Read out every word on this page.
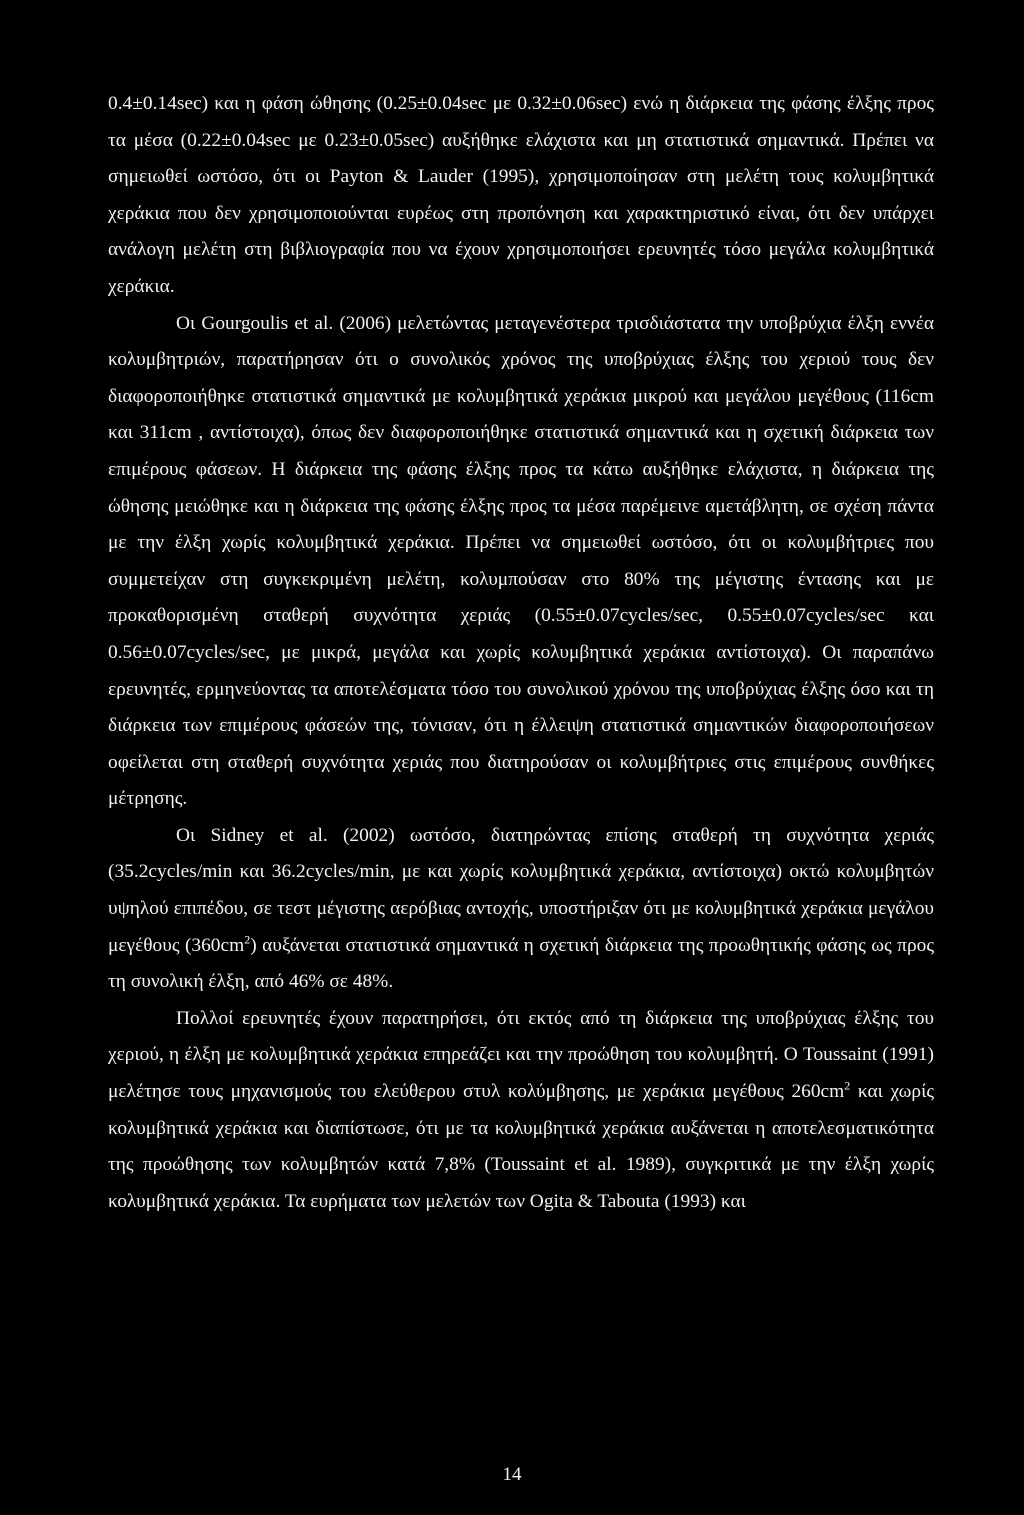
0.4±0.14sec) και η φάση ώθησης (0.25±0.04sec με 0.32±0.06sec) ενώ η διάρκεια της φάσης έλξης προς τα μέσα (0.22±0.04sec με 0.23±0.05sec) αυξήθηκε ελάχιστα και μη στατιστικά σημαντικά. Πρέπει να σημειωθεί ωστόσο, ότι οι Payton & Lauder (1995), χρησιμοποίησαν στη μελέτη τους κολυμβητικά χεράκια που δεν χρησιμοποιούνται ευρέως στη προπόνηση και χαρακτηριστικό είναι, ότι δεν υπάρχει ανάλογη μελέτη στη βιβλιογραφία που να έχουν χρησιμοποιήσει ερευνητές τόσο μεγάλα κολυμβητικά χεράκια.

Οι Gourgoulis et al. (2006) μελετώντας μεταγενέστερα τρισδιάστατα την υποβρύχια έλξη εννέα κολυμβητριών, παρατήρησαν ότι ο συνολικός χρόνος της υποβρύχιας έλξης του χεριού τους δεν διαφοροποιήθηκε στατιστικά σημαντικά με κολυμβητικά χεράκια μικρού και μεγάλου μεγέθους (116cm και 311cm , αντίστοιχα), όπως δεν διαφοροποιήθηκε στατιστικά σημαντικά και η σχετική διάρκεια των επιμέρους φάσεων. Η διάρκεια της φάσης έλξης προς τα κάτω αυξήθηκε ελάχιστα, η διάρκεια της ώθησης μειώθηκε και η διάρκεια της φάσης έλξης προς τα μέσα παρέμεινε αμετάβλητη, σε σχέση πάντα με την έλξη χωρίς κολυμβητικά χεράκια. Πρέπει να σημειωθεί ωστόσο, ότι οι κολυμβήτριες που συμμετείχαν στη συγκεκριμένη μελέτη, κολυμπούσαν στο 80% της μέγιστης έντασης και με προκαθορισμένη σταθερή συχνότητα χεριάς (0.55±0.07cycles/sec, 0.55±0.07cycles/sec και 0.56±0.07cycles/sec, με μικρά, μεγάλα και χωρίς κολυμβητικά χεράκια αντίστοιχα). Οι παραπάνω ερευνητές, ερμηνεύοντας τα αποτελέσματα τόσο του συνολικού χρόνου της υποβρύχιας έλξης όσο και τη διάρκεια των επιμέρους φάσεών της, τόνισαν, ότι η έλλειψη στατιστικά σημαντικών διαφοροποιήσεων οφείλεται στη σταθερή συχνότητα χεριάς που διατηρούσαν οι κολυμβήτριες στις επιμέρους συνθήκες μέτρησης.

Οι Sidney et al. (2002) ωστόσο, διατηρώντας επίσης σταθερή τη συχνότητα χεριάς (35.2cycles/min και 36.2cycles/min, με και χωρίς κολυμβητικά χεράκια, αντίστοιχα) οκτώ κολυμβητών υψηλού επιπέδου, σε τεστ μέγιστης αερόβιας αντοχής, υποστήριξαν ότι με κολυμβητικά χεράκια μεγάλου μεγέθους $(360cm^2)$ αυξάνεται στατιστικά σημαντικά η σχετική διάρκεια της προωθητικής φάσης ως προς τη συνολική έλξη, από 46% σε 48%.

Πολλοί ερευνητές έχουν παρατηρήσει, ότι εκτός από τη διάρκεια της υποβρύχιας έλξης του χεριού, η έλξη με κολυμβητικά χεράκια επηρεάζει και την προώθηση του κολυμβητή. Ο Toussaint (1991) μελέτησε τους μηχανισμούς του ελεύθερου στυλ κολύμβησης, με χεράκια μεγέθους $260cm^2$ και χωρίς κολυμβητικά χεράκια και διαπίστωσε, ότι με τα κολυμβητικά χεράκια αυξάνεται η αποτελεσματικότητα της προώθησης των κολυμβητών κατά 7,8% (Toussaint et al. 1989), συγκριτικά με την έλξη χωρίς κολυμβητικά χεράκια. Τα ευρήματα των μελετών των Ogita & Tabouta (1993) και

14
